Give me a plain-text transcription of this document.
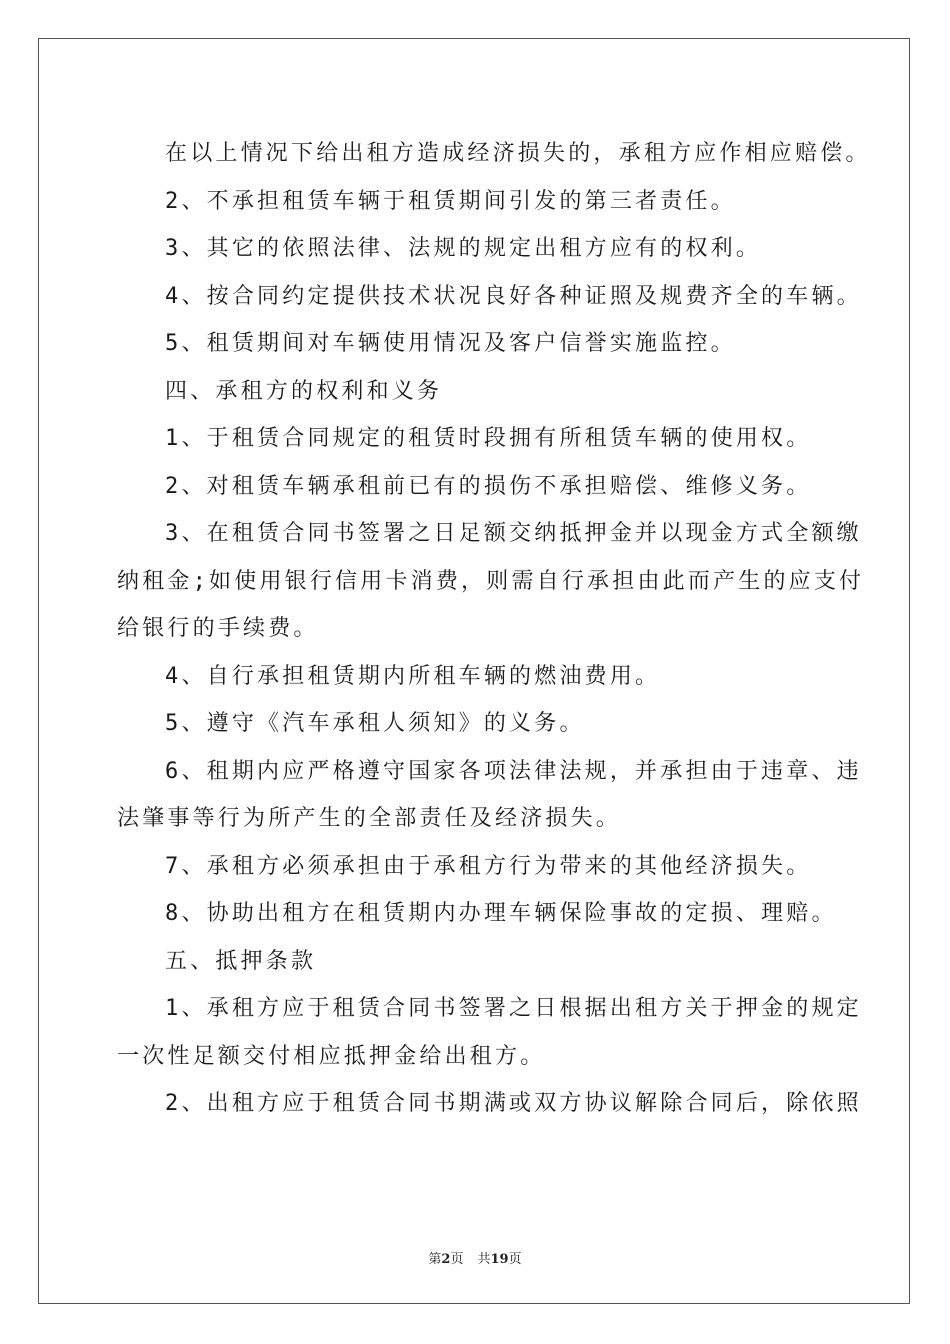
在以上情况下给出租方造成经济损失的，承租方应作相应赔偿。

2、不承担租赁车辆于租赁期间引发的第三者责任。

3、其它的依照法律、法规的规定出租方应有的权利。

4、按合同约定提供技术状况良好各种证照及规费齐全的车辆。

5、租赁期间对车辆使用情况及客户信誉实施监控。

四、承租方的权利和义务

1、于租赁合同规定的租赁时段拥有所租赁车辆的使用权。

2、对租赁车辆承租前已有的损伤不承担赔偿、维修义务。

3、在租赁合同书签署之日足额交纳抵押金并以现金方式全额缴

纳租金;如使用银行信用卡消费，则需自行承担由此而产生的应支付

给银行的手续费。

4、自行承担租赁期内所租车辆的燃油费用。

5、遵守《汽车承租人须知》的义务。

6、租期内应严格遵守国家各项法律法规，并承担由于违章、违

法肇事等行为所产生的全部责任及经济损失。

7、承租方必须承担由于承租方行为带来的其他经济损失。

8、协助出租方在租赁期内办理车辆保险事故的定损、理赔。

五、抵押条款

1、承租方应于租赁合同书签署之日根据出租方关于押金的规定

一次性足额交付相应抵押金给出租方。

2、出租方应于租赁合同书期满或双方协议解除合同后，除依照

第2页 共19页
